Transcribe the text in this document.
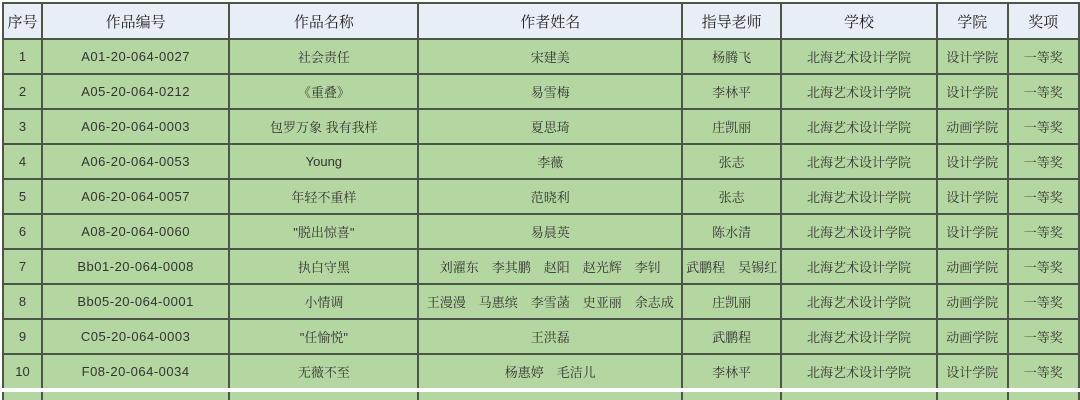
序号	作品编号	作品名称	作者姓名	指导老师	学校	学院	奖项
1	A01-20-064-0027	社会责任	宋建美	杨腾飞	北海艺术设计学院	设计学院	一等奖
2	A05-20-064-0212	《重叠》	易雪梅	李林平	北海艺术设计学院	设计学院	一等奖
3	A06-20-064-0003	包罗万象 我有我样	夏思琦	庄凯丽	北海艺术设计学院	动画学院	一等奖
4	A06-20-064-0053	Young	李薇	张志	北海艺术设计学院	设计学院	一等奖
5	A06-20-064-0057	年轻不重样	范晓利	张志	北海艺术设计学院	设计学院	一等奖
6	A08-20-064-0060	"脱出惊喜"	易晨英	陈水清	北海艺术设计学院	设计学院	一等奖
7	Bb01-20-064-0008	执白守黑	刘濯东　李其鹏　赵阳　赵光辉　李钊	武鹏程　吴锡红	北海艺术设计学院	动画学院	一等奖
8	Bb05-20-064-0001	小情调	王漫漫　马惠缤　李雪菡　史亚丽　余志成	庄凯丽	北海艺术设计学院	动画学院	一等奖
9	C05-20-064-0003	"任愉悦"	王洪磊	武鹏程	北海艺术设计学院	动画学院	一等奖
10	F08-20-064-0034	无薇不至	杨惠婷　毛洁儿	李林平	北海艺术设计学院	设计学院	一等奖
